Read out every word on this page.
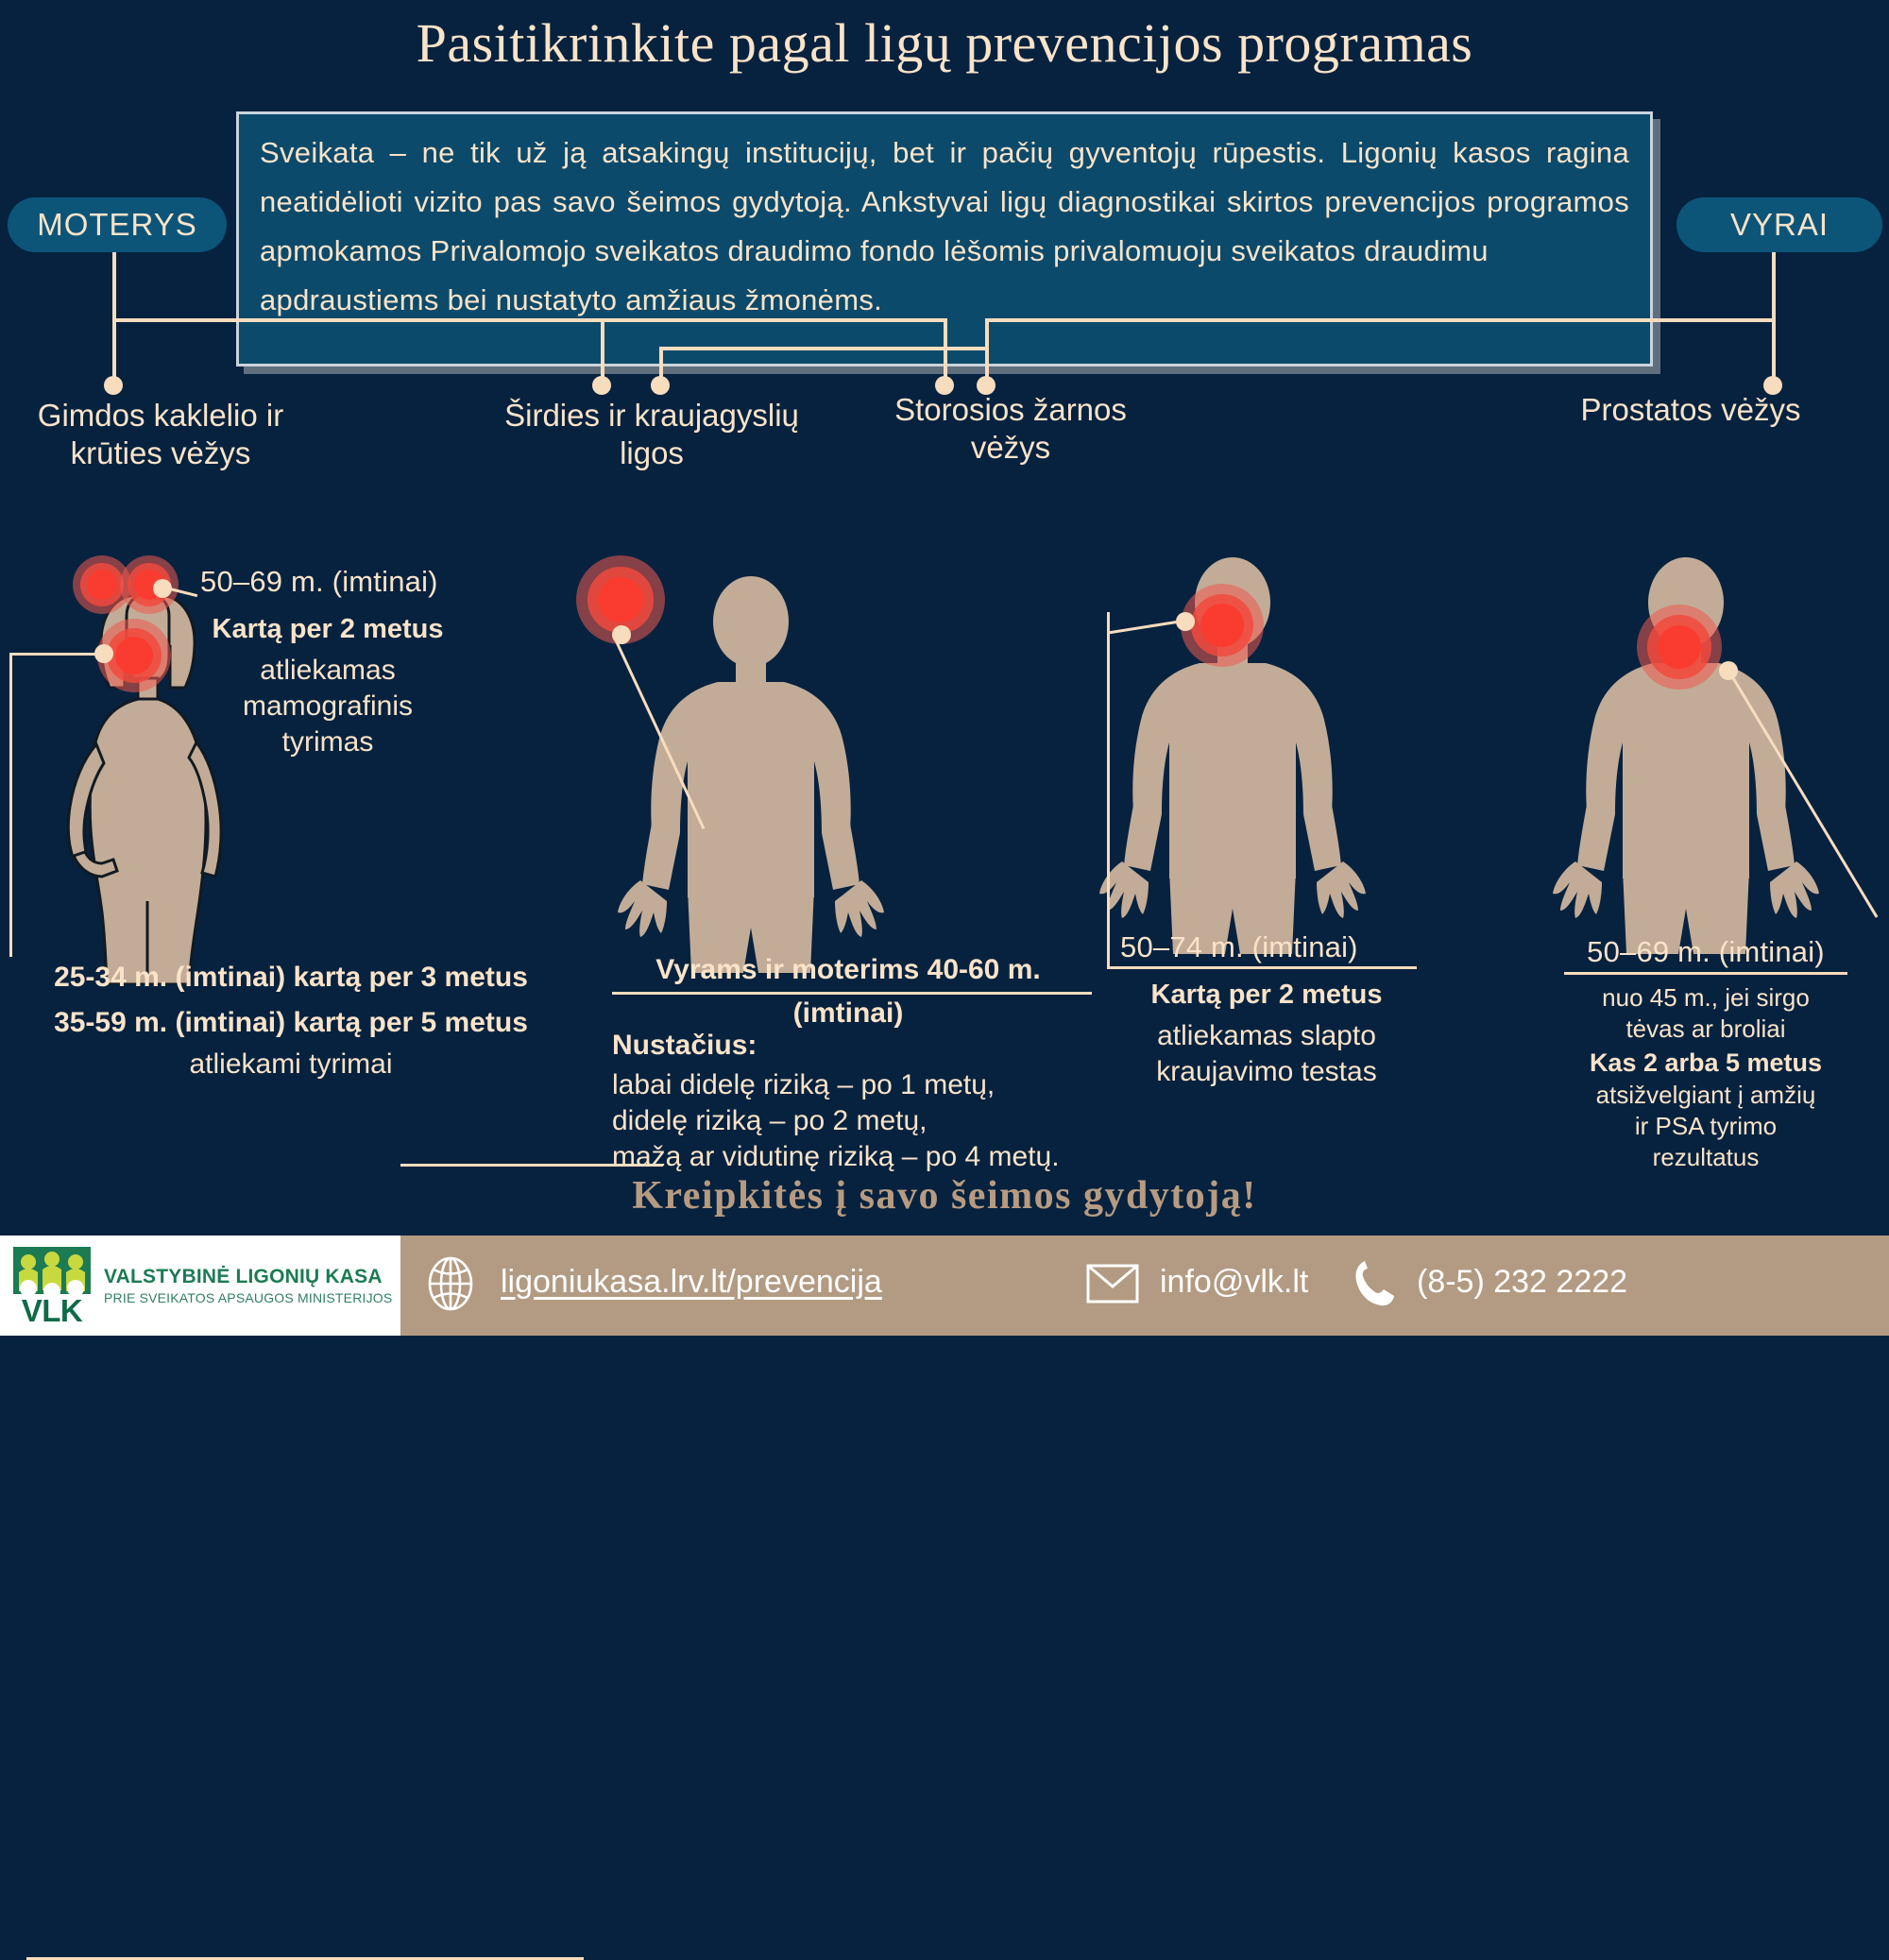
Pasitikrinkite pagal ligų prevencijos programas

Sveikata – ne tik už ją atsakingų institucijų, bet ir pačių gyventojų rūpestis. Ligonių kasos ragina neatidėlioti vizito pas savo šeimos gydytoją. Ankstyvai ligų diagnostikai skirtos prevencijos programos apmokamos Privalomojo sveikatos draudimo fondo lėšomis privalomuoju sveikatos draudimu

apdraustiems bei nustatyto amžiaus žmonėms.

MOTERYS	VYRAI
Gimdos kaklelio ir
krūties vėžys
Širdies ir kraujagyslių
ligos
Storosios žarnos
vėžys
Prostatos vėžys
50–69 m. (imtinai)
Kartą per 2 metus
atliekamas
mamografinis
tyrimas
25-34 m. (imtinai) kartą per 3 metus
35-59 m. (imtinai) kartą per 5 metus
atliekami tyrimai
Vyrams ir moterims 40-60 m.
(imtinai)
Nustačius:
labai didelę riziką – po 1 metų,
didelę riziką – po 2 metų,
mažą ar vidutinę riziką – po 4 metų.
50–74 m. (imtinai)
Kartą per 2 metus
atliekamas slapto
kraujavimo testas
50–69 m. (imtinai)
nuo 45 m., jei sirgo
tėvas ar broliai
Kas 2 arba 5 metus
atsižvelgiant į amžių
ir PSA tyrimo
rezultatus
Kreipkitės į savo šeimos gydytoją!
VLK
VALSTYBINĖ LIGONIŲ KASA
PRIE SVEIKATOS APSAUGOS MINISTERIJOS	ligoniukasa.lrv.lt/prevencija	info@vlk.lt	(8-5) 232 2222
